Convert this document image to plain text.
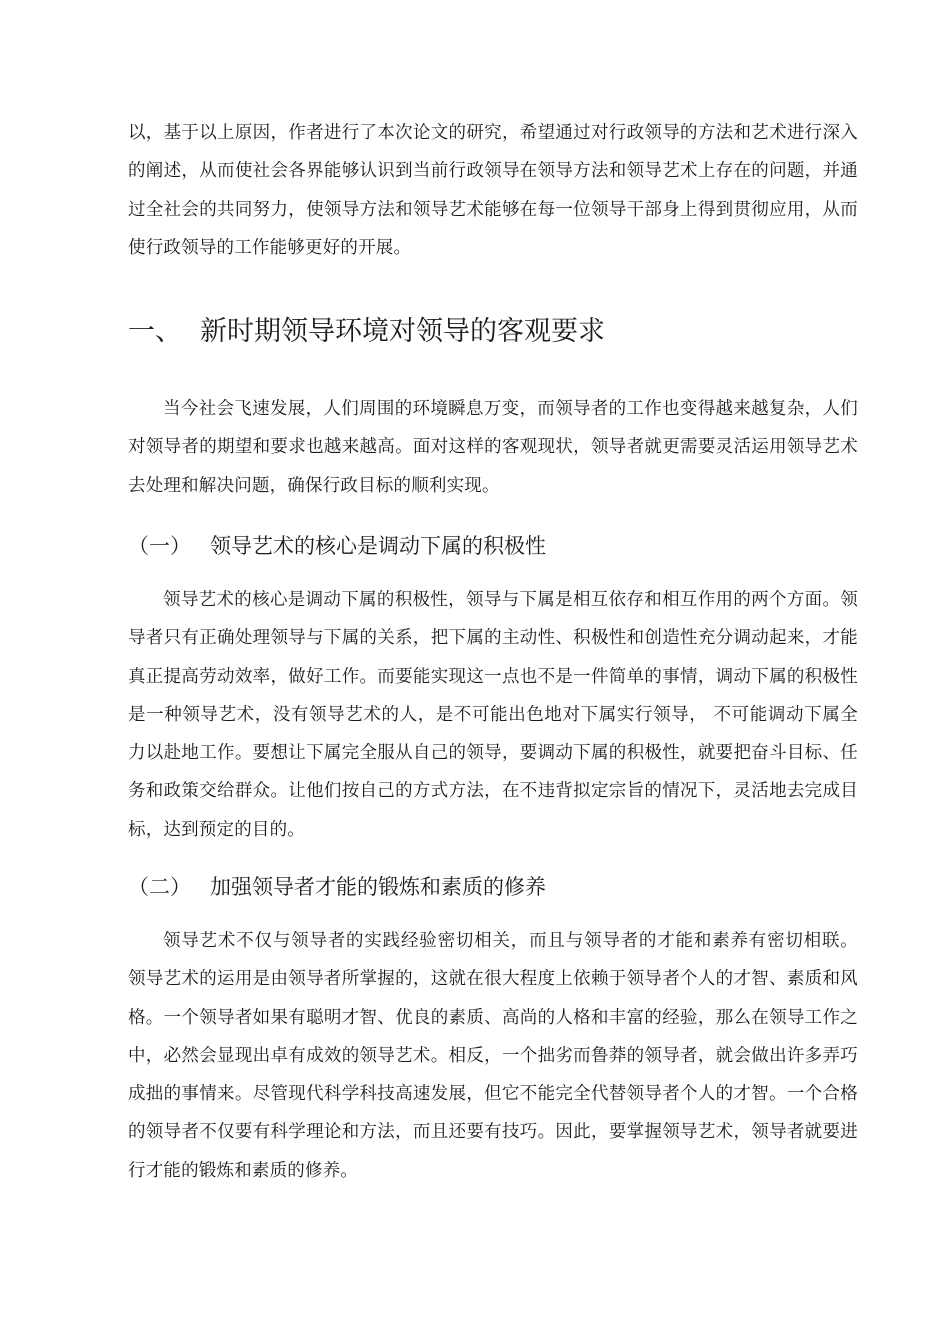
以，基于以上原因，作者进行了本次论文的研究，希望通过对行政领导的方法和艺术进行深入的阐述，从而使社会各界能够认识到当前行政领导在领导方法和领导艺术上存在的问题，并通过全社会的共同努力，使领导方法和领导艺术能够在每一位领导干部身上得到贯彻应用，从而使行政领导的工作能够更好的开展。

一、 新时期领导环境对领导的客观要求

当今社会飞速发展，人们周围的环境瞬息万变，而领导者的工作也变得越来越复杂，人们对领导者的期望和要求也越来越高。面对这样的客观现状，领导者就更需要灵活运用领导艺术去处理和解决问题，确保行政目标的顺利实现。

（一） 领导艺术的核心是调动下属的积极性

领导艺术的核心是调动下属的积极性，领导与下属是相互依存和相互作用的两个方面。领导者只有正确处理领导与下属的关系，把下属的主动性、积极性和创造性充分调动起来，才能真正提高劳动效率，做好工作。而要能实现这一点也不是一件简单的事情，调动下属的积极性是一种领导艺术，没有领导艺术的人，是不可能出色地对下属实行领导， 不可能调动下属全力以赴地工作。要想让下属完全服从自己的领导，要调动下属的积极性，就要把奋斗目标、任务和政策交给群众。让他们按自己的方式方法，在不违背拟定宗旨的情况下，灵活地去完成目标，达到预定的目的。

（二） 加强领导者才能的锻炼和素质的修养

领导艺术不仅与领导者的实践经验密切相关，而且与领导者的才能和素养有密切相联。 领导艺术的运用是由领导者所掌握的，这就在很大程度上依赖于领导者个人的才智、素质和风格。一个领导者如果有聪明才智、优良的素质、高尚的人格和丰富的经验，那么在领导工作之中，必然会显现出卓有成效的领导艺术。相反，一个拙劣而鲁莽的领导者，就会做出许多弄巧成拙的事情来。尽管现代科学科技高速发展，但它不能完全代替领导者个人的才智。一个合格的领导者不仅要有科学理论和方法，而且还要有技巧。因此，要掌握领导艺术，领导者就要进行才能的锻炼和素质的修养。
